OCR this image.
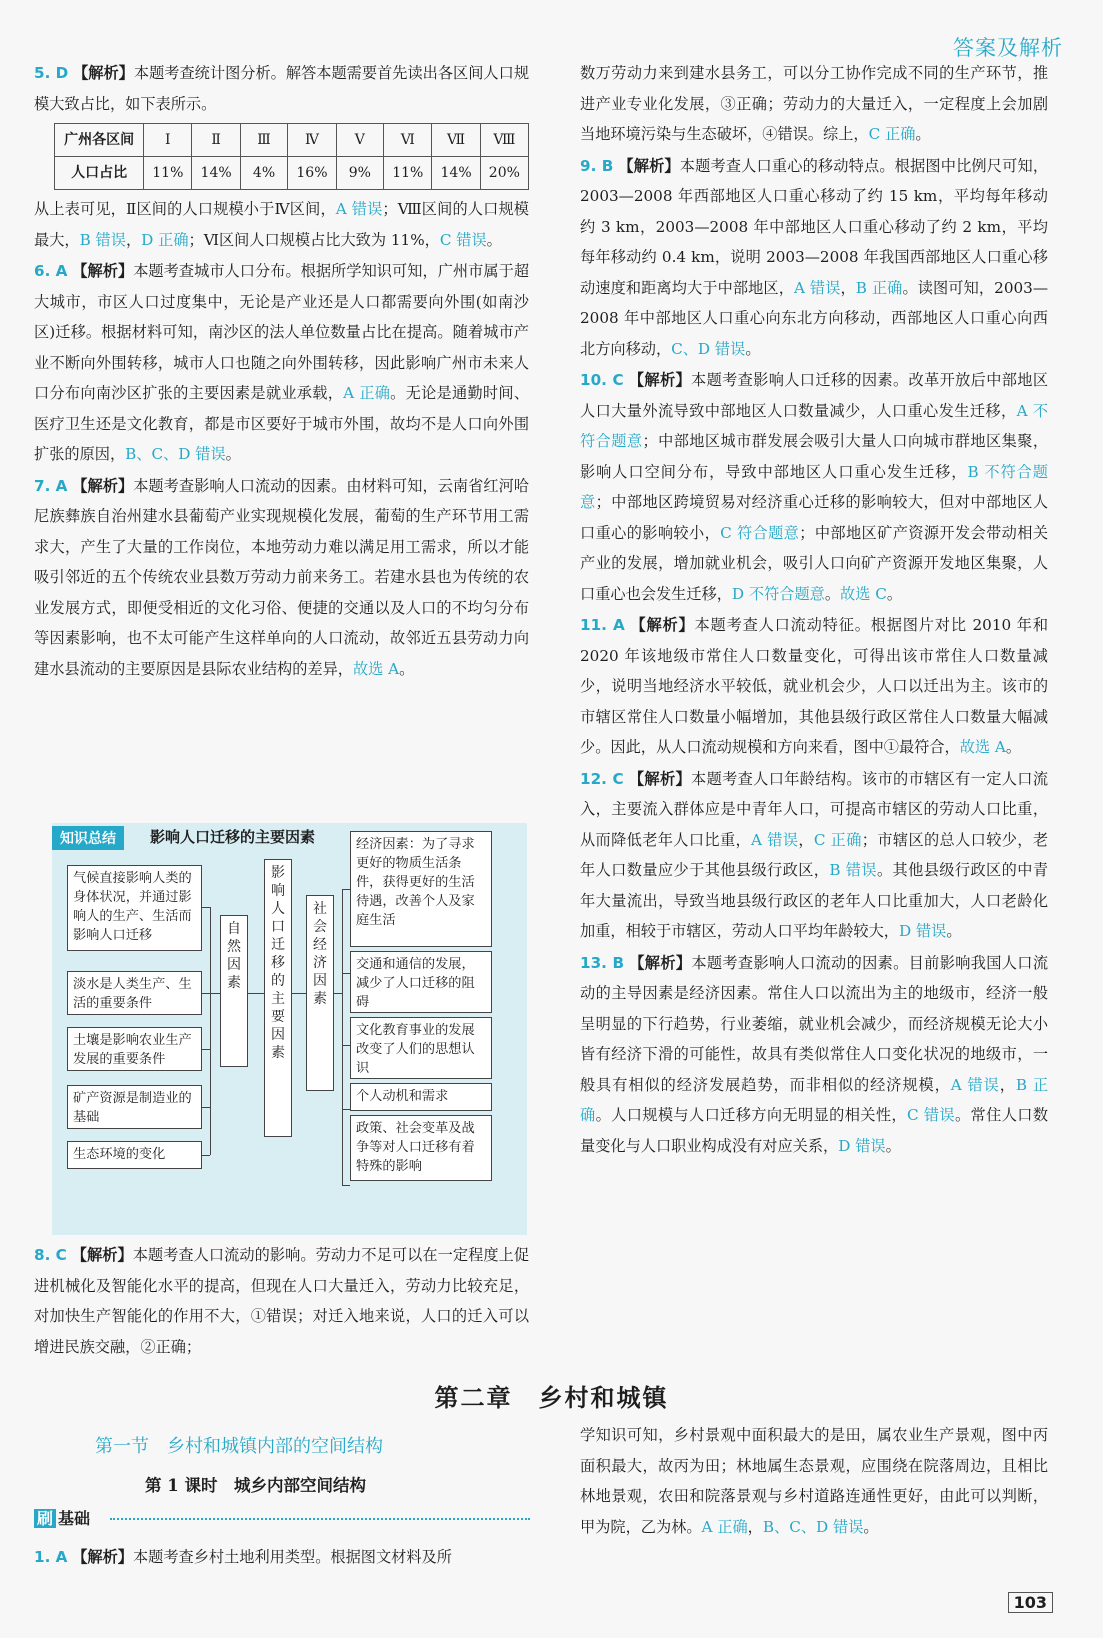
答案及解析
5. D 【解析】本题考查统计图分析。解答本题需要首先读出各区间人口规模大致占比，如下表所示。
广州各区间	Ⅰ	Ⅱ	Ⅲ	Ⅳ	Ⅴ	Ⅵ	Ⅶ	Ⅷ
人口占比	11%	14%	4%	16%	9%	11%	14%	20%
从上表可见，Ⅱ区间的人口规模小于Ⅳ区间，A 错误；Ⅷ区间的人口规模最大，B 错误，D 正确；Ⅵ区间人口规模占比大致为 11%，C 错误。
6. A 【解析】本题考查城市人口分布。根据所学知识可知，广州市属于超大城市，市区人口过度集中，无论是产业还是人口都需要向外围(如南沙区)迁移。根据材料可知，南沙区的法人单位数量占比在提高。随着城市产业不断向外围转移，城市人口也随之向外围转移，因此影响广州市未来人口分布向南沙区扩张的主要因素是就业承载，A 正确。无论是通勤时间、医疗卫生还是文化教育，都是市区要好于城市外围，故均不是人口向外围扩张的原因，B、C、D 错误。
7. A 【解析】本题考查影响人口流动的因素。由材料可知，云南省红河哈尼族彝族自治州建水县葡萄产业实现规模化发展，葡萄的生产环节用工需求大，产生了大量的工作岗位，本地劳动力难以满足用工需求，所以才能吸引邻近的五个传统农业县数万劳动力前来务工。若建水县也为传统的农业发展方式，即便受相近的文化习俗、便捷的交通以及人口的不均匀分布等因素影响，也不太可能产生这样单向的人口流动，故邻近五县劳动力向建水县流动的主要原因是县际农业结构的差异，故选 A。
知识总结	影响人口迁移的主要因素
气候直接影响人类的身体状况，并通过影响人的生产、生活而影响人口迁移
淡水是人类生产、生活的重要条件
土壤是影响农业生产发展的重要条件
矿产资源是制造业的基础
生态环境的变化
自然因素
影响人口迁移的主要因素
社会经济因素
经济因素：为了寻求更好的物质生活条件，获得更好的生活待遇，改善个人及家庭生活
交通和通信的发展，减少了人口迁移的阻碍
文化教育事业的发展改变了人们的思想认识
个人动机和需求
政策、社会变革及战争等对人口迁移有着特殊的影响
8. C 【解析】本题考查人口流动的影响。劳动力不足可以在一定程度上促进机械化及智能化水平的提高，但现在人口大量迁入，劳动力比较充足，对加快生产智能化的作用不大，①错误；对迁入地来说，人口的迁入可以增进民族交融，②正确；
数万劳动力来到建水县务工，可以分工协作完成不同的生产环节，推进产业专业化发展，③正确；劳动力的大量迁入，一定程度上会加剧当地环境污染与生态破坏，④错误。综上，C 正确。
9. B 【解析】本题考查人口重心的移动特点。根据图中比例尺可知，2003—2008 年西部地区人口重心移动了约 15 km，平均每年移动约 3 km，2003—2008 年中部地区人口重心移动了约 2 km，平均每年移动约 0.4 km，说明 2003—2008 年我国西部地区人口重心移动速度和距离均大于中部地区，A 错误，B 正确。读图可知，2003—2008 年中部地区人口重心向东北方向移动，西部地区人口重心向西北方向移动，C、D 错误。
10. C 【解析】本题考查影响人口迁移的因素。改革开放后中部地区人口大量外流导致中部地区人口数量减少，人口重心发生迁移，A 不符合题意；中部地区城市群发展会吸引大量人口向城市群地区集聚，影响人口空间分布，导致中部地区人口重心发生迁移，B 不符合题意；中部地区跨境贸易对经济重心迁移的影响较大，但对中部地区人口重心的影响较小，C 符合题意；中部地区矿产资源开发会带动相关产业的发展，增加就业机会，吸引人口向矿产资源开发地区集聚，人口重心也会发生迁移，D 不符合题意。故选 C。
11. A 【解析】本题考查人口流动特征。根据图片对比 2010 年和 2020 年该地级市常住人口数量变化，可得出该市常住人口数量减少，说明当地经济水平较低，就业机会少，人口以迁出为主。该市的市辖区常住人口数量小幅增加，其他县级行政区常住人口数量大幅减少。因此，从人口流动规模和方向来看，图中①最符合，故选 A。
12. C 【解析】本题考查人口年龄结构。该市的市辖区有一定人口流入，主要流入群体应是中青年人口，可提高市辖区的劳动人口比重，从而降低老年人口比重，A 错误，C 正确；市辖区的总人口较少，老年人口数量应少于其他县级行政区，B 错误。其他县级行政区的中青年大量流出，导致当地县级行政区的老年人口比重加大，人口老龄化加重，相较于市辖区，劳动人口平均年龄较大，D 错误。
13. B 【解析】本题考查影响人口流动的因素。目前影响我国人口流动的主导因素是经济因素。常住人口以流出为主的地级市，经济一般呈明显的下行趋势，行业萎缩，就业机会减少，而经济规模无论大小皆有经济下滑的可能性，故具有类似常住人口变化状况的地级市，一般具有相似的经济发展趋势，而非相似的经济规模，A 错误，B 正确。人口规模与人口迁移方向无明显的相关性，C 错误。常住人口数量变化与人口职业构成没有对应关系，D 错误。
第二章　乡村和城镇
第一节　乡村和城镇内部的空间结构
第 1 课时　城乡内部空间结构
刷 基础
1. A 【解析】本题考查乡村土地利用类型。根据图文材料及所
学知识可知，乡村景观中面积最大的是田，属农业生产景观，图中丙面积最大，故丙为田；林地属生态景观，应围绕在院落周边，且相比林地景观，农田和院落景观与乡村道路连通性更好，由此可以判断，甲为院，乙为林。A 正确，B、C、D 错误。
103
